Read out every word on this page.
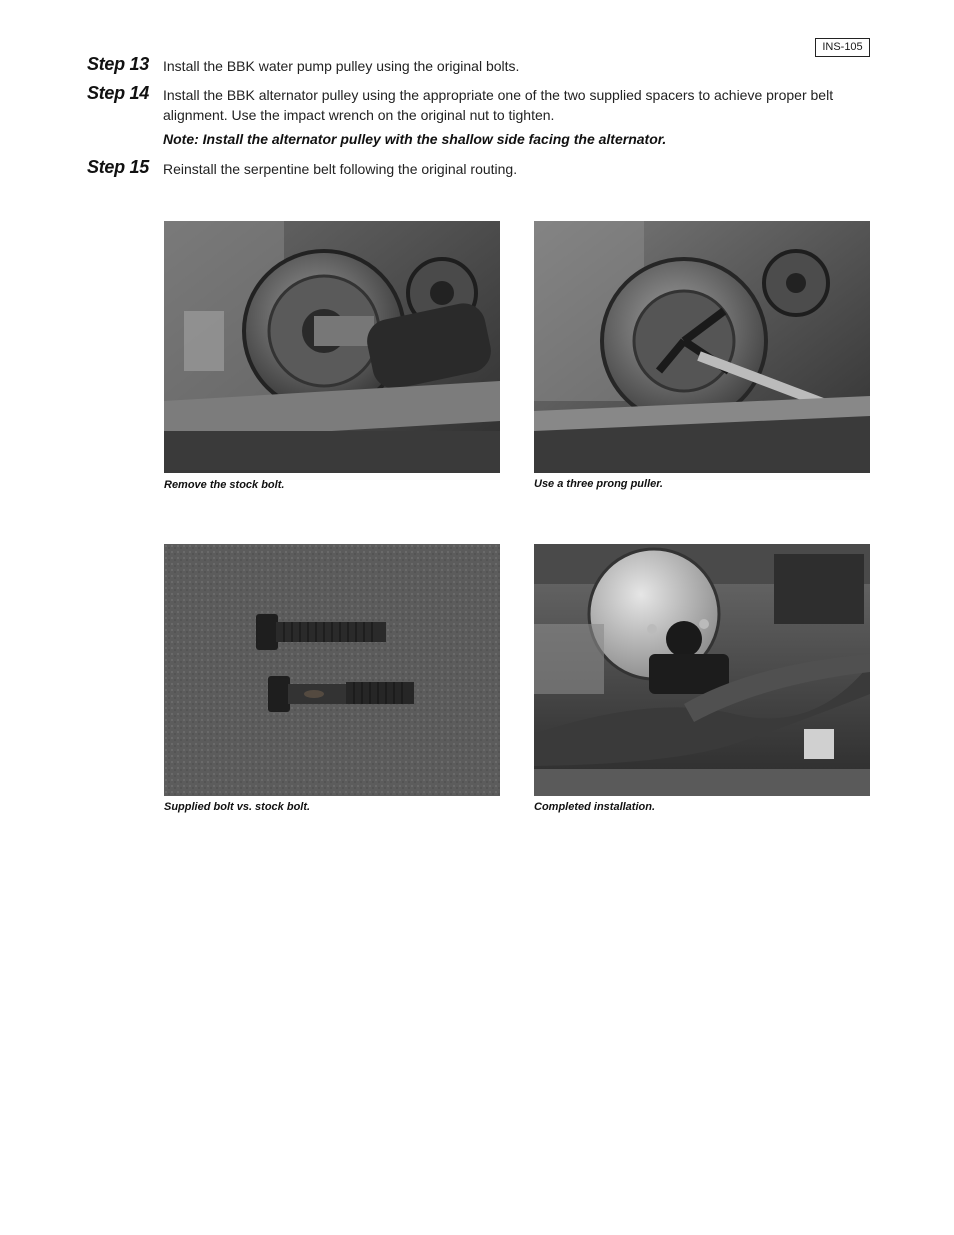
INS-105
Step 13 Install the BBK water pump pulley using the original bolts.
Step 14 Install the BBK alternator pulley using the appropriate one of the two supplied spacers to achieve proper belt alignment. Use the impact wrench on the original nut to tighten.
Note: Install the alternator pulley with the shallow side facing the alternator.
Step 15 Reinstall the serpentine belt following the original routing.
Remove the stock bolt.	Use a three prong puller.
Supplied bolt vs. stock bolt.	Completed installation.
